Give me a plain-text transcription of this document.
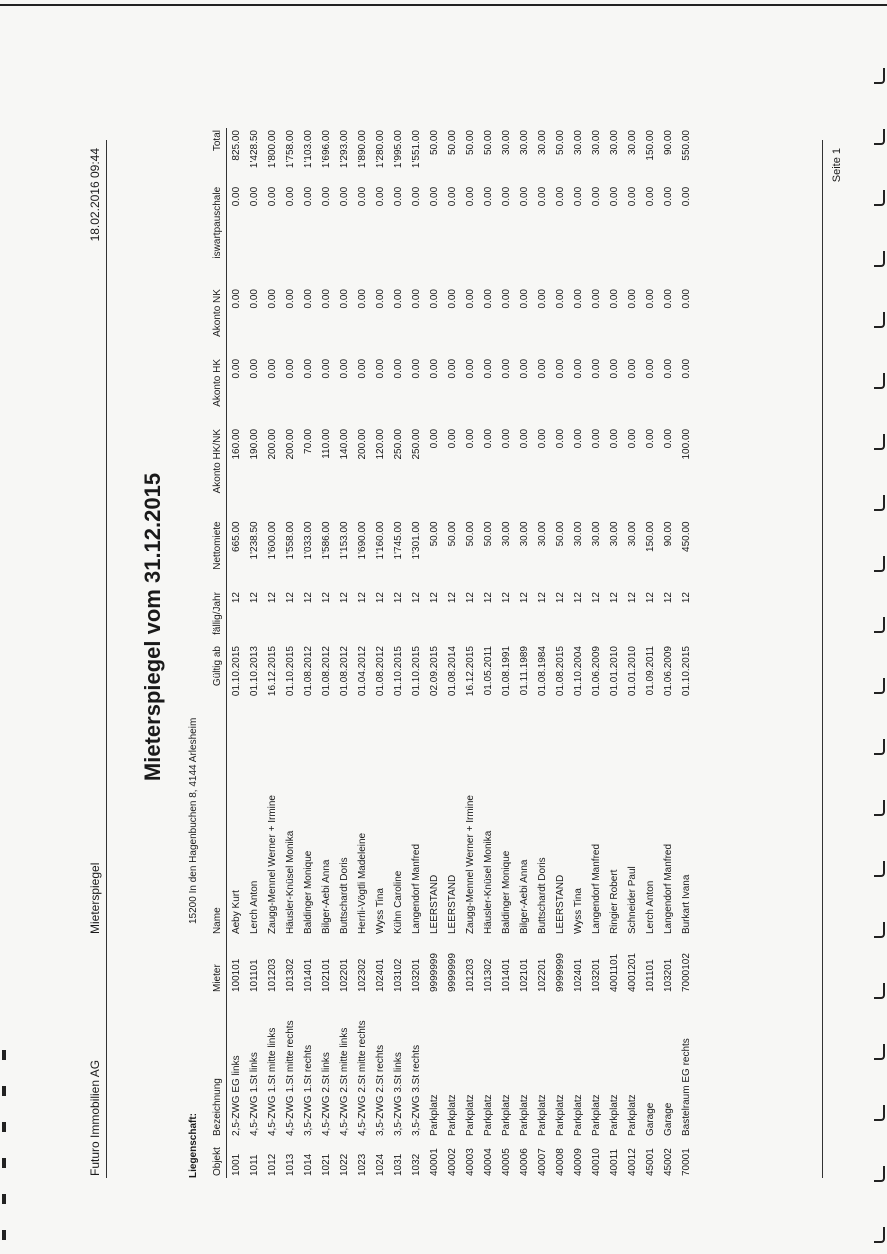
Futuro Immobilien AG
Mieterspiegel
18.02.2016 09:44
Mieterspiegel vom 31.12.2015
Liegenschaft:
15200 In den Hagenbuchen 8, 4144 Arlesheim
Objekt	Bezeichnung	Mieter	Name	Gültig ab	fällig/Jahr	Nettomiete	Akonto HK/NK	Akonto HK	Akonto NK	iswartpauschale	Total
1001	2,5-ZWG EG links	100101	Aeby Kurt	01.10.2015	12	665.00	160.00	0.00	0.00	0.00	825.00
1011	4,5-ZWG 1.St links	101101	Lerch Anton	01.10.2013	12	1'238.50	190.00	0.00	0.00	0.00	1'428.50
1012	4,5-ZWG 1.St mitte links	101203	Zaugg-Mennel Werner + Irmine	16.12.2015	12	1'600.00	200.00	0.00	0.00	0.00	1'800.00
1013	4,5-ZWG 1.St mitte rechts	101302	Häusler-Knüsel Monika	01.10.2015	12	1'558.00	200.00	0.00	0.00	0.00	1'758.00
1014	3,5-ZWG 1.St rechts	101401	Baldinger Monique	01.08.2012	12	1'033.00	70.00	0.00	0.00	0.00	1'103.00
1021	4,5-ZWG 2.St links	102101	Bilger-Aebi Anna	01.08.2012	12	1'586.00	110.00	0.00	0.00	0.00	1'696.00
1022	4,5-ZWG 2.St mitte links	102201	Buttschardt Doris	01.08.2012	12	1'153.00	140.00	0.00	0.00	0.00	1'293.00
1023	4,5-ZWG 2.St mitte rechts	102302	Herrli-Vögtli Madeleine	01.04.2012	12	1'690.00	200.00	0.00	0.00	0.00	1'890.00
1024	3,5-ZWG 2.St rechts	102401	Wyss Tina	01.08.2012	12	1'160.00	120.00	0.00	0.00	0.00	1'280.00
1031	3,5-ZWG 3.St links	103102	Kühn Caroline	01.10.2015	12	1'745.00	250.00	0.00	0.00	0.00	1'995.00
1032	3,5-ZWG 3.St rechts	103201	Langendorf Manfred	01.10.2015	12	1'301.00	250.00	0.00	0.00	0.00	1'551.00
40001	Parkplatz	9999999	LEERSTAND	02.09.2015	12	50.00	0.00	0.00	0.00	0.00	50.00
40002	Parkplatz	9999999	LEERSTAND	01.08.2014	12	50.00	0.00	0.00	0.00	0.00	50.00
40003	Parkplatz	101203	Zaugg-Mennel Werner + Irmine	16.12.2015	12	50.00	0.00	0.00	0.00	0.00	50.00
40004	Parkplatz	101302	Häusler-Knüsel Monika	01.05.2011	12	50.00	0.00	0.00	0.00	0.00	50.00
40005	Parkplatz	101401	Baldinger Monique	01.08.1991	12	30.00	0.00	0.00	0.00	0.00	30.00
40006	Parkplatz	102101	Bilger-Aebi Anna	01.11.1989	12	30.00	0.00	0.00	0.00	0.00	30.00
40007	Parkplatz	102201	Buttschardt Doris	01.08.1984	12	30.00	0.00	0.00	0.00	0.00	30.00
40008	Parkplatz	9999999	LEERSTAND	01.08.2015	12	50.00	0.00	0.00	0.00	0.00	50.00
40009	Parkplatz	102401	Wyss Tina	01.10.2004	12	30.00	0.00	0.00	0.00	0.00	30.00
40010	Parkplatz	103201	Langendorf Manfred	01.06.2009	12	30.00	0.00	0.00	0.00	0.00	30.00
40011	Parkplatz	4001101	Ringier Robert	01.01.2010	12	30.00	0.00	0.00	0.00	0.00	30.00
40012	Parkplatz	4001201	Schneider Paul	01.01.2010	12	30.00	0.00	0.00	0.00	0.00	30.00
45001	Garage	101101	Lerch Anton	01.09.2011	12	150.00	0.00	0.00	0.00	0.00	150.00
45002	Garage	103201	Langendorf Manfred	01.06.2009	12	90.00	0.00	0.00	0.00	0.00	90.00
70001	Bastelraum EG rechts	7000102	Burkart Ivana	01.10.2015	12	450.00	100.00	0.00	0.00	0.00	550.00
Seite 1
